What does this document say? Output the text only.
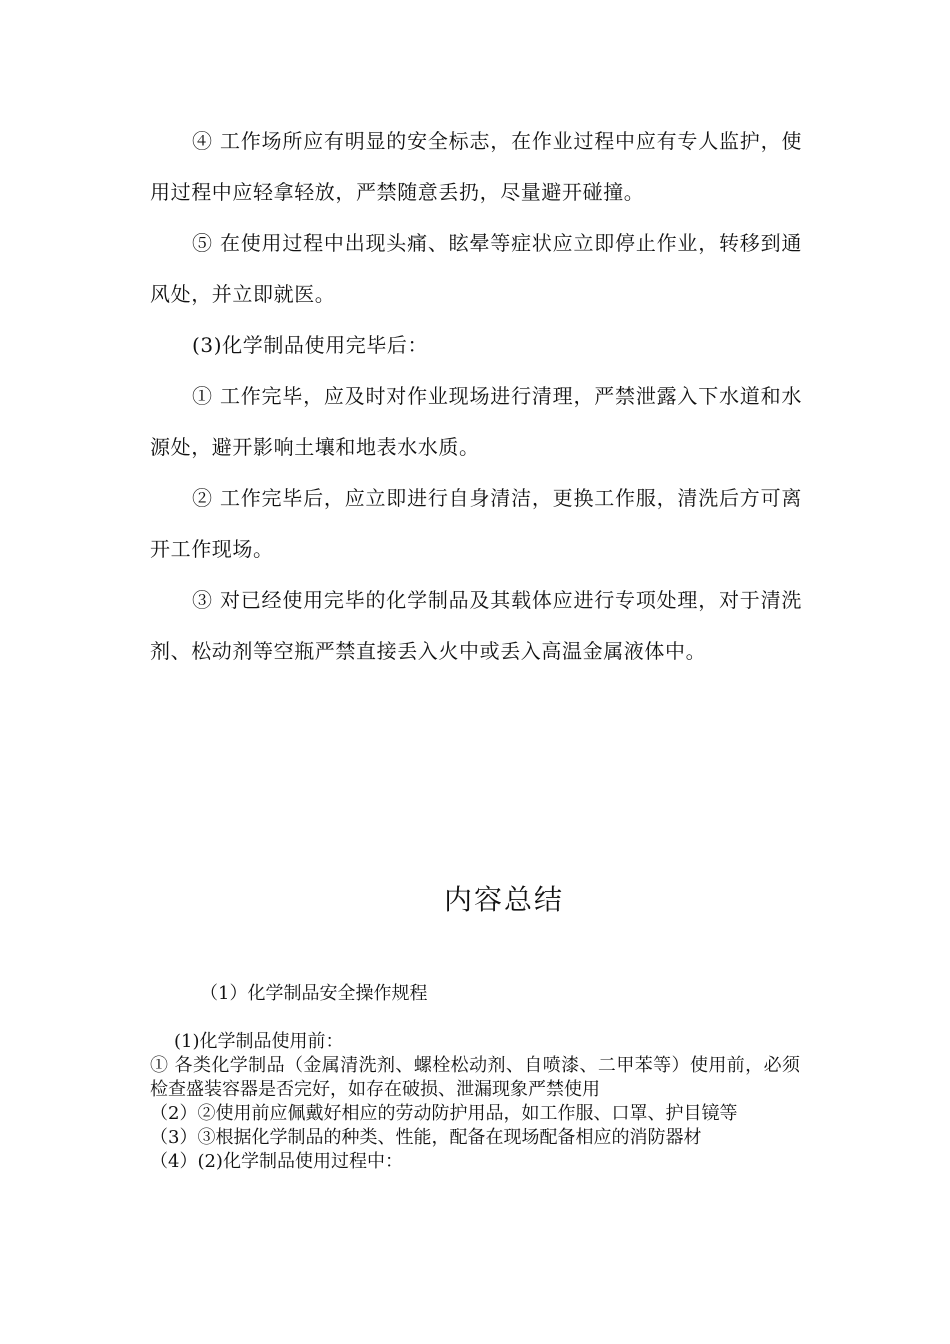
④ 工作场所应有明显的安全标志，在作业过程中应有专人监护，使用过程中应轻拿轻放，严禁随意丢扔，尽量避开碰撞。

⑤ 在使用过程中出现头痛、眩晕等症状应立即停止作业，转移到通风处，并立即就医。

(3)化学制品使用完毕后：

① 工作完毕，应及时对作业现场进行清理，严禁泄露入下水道和水源处，避开影响土壤和地表水水质。

② 工作完毕后，应立即进行自身清洁，更换工作服，清洗后方可离开工作现场。

③ 对已经使用完毕的化学制品及其载体应进行专项处理，对于清洗剂、松动剂等空瓶严禁直接丢入火中或丢入高温金属液体中。

内容总结
（1）化学制品安全操作规程

(1)化学制品使用前：

① 各类化学制品（金属清洗剂、螺栓松动剂、自喷漆、二甲苯等）使用前，必须检查盛装容器是否完好，如存在破损、泄漏现象严禁使用

（2）②使用前应佩戴好相应的劳动防护用品，如工作服、口罩、护目镜等

（3）③根据化学制品的种类、性能，配备在现场配备相应的消防器材

（4）(2)化学制品使用过程中：
